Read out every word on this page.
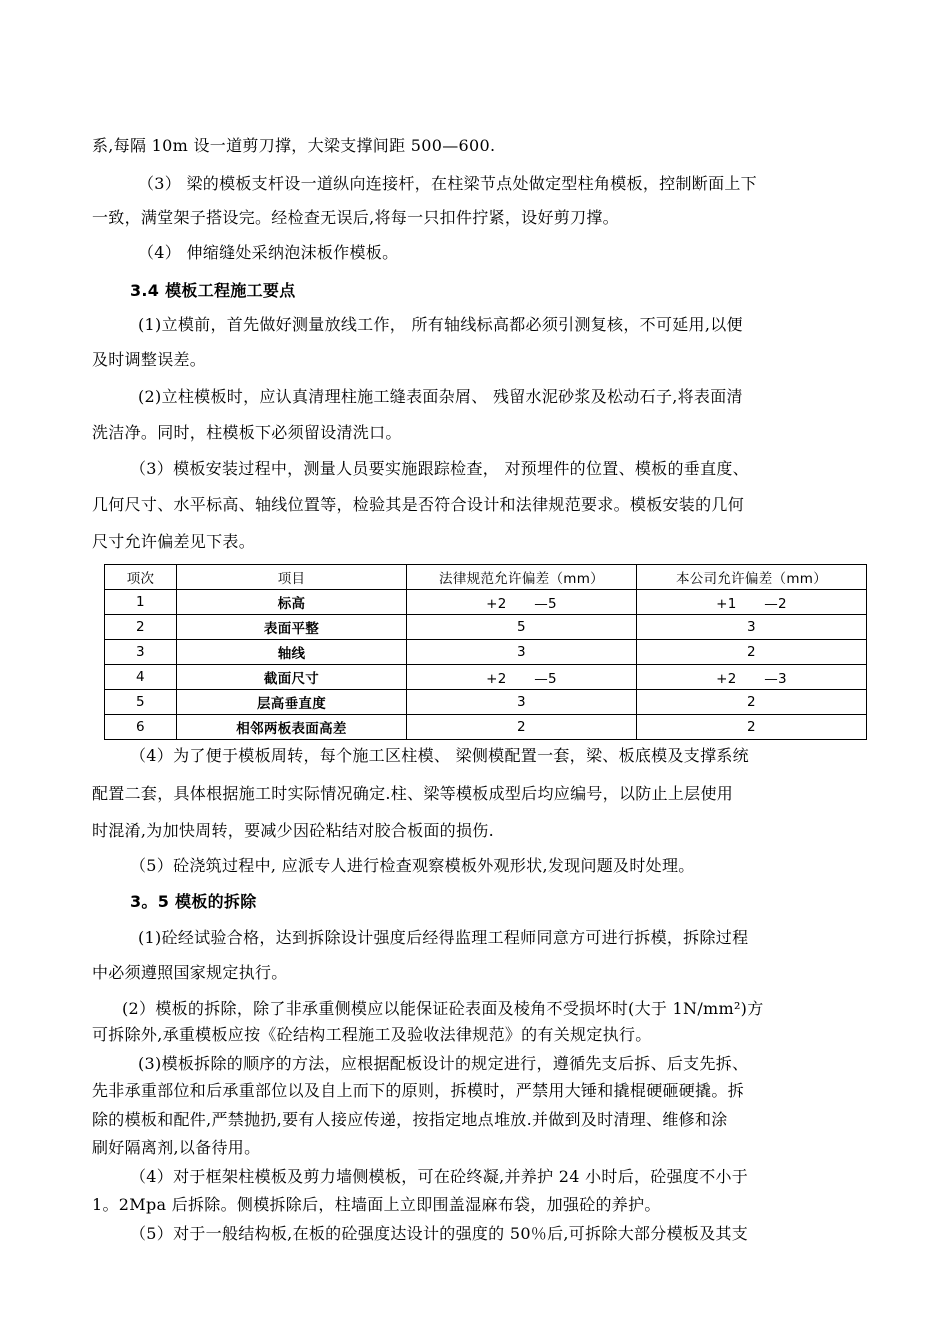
系,每隔 10m 设一道剪刀撑，大梁支撑间距 500—600.
（3） 梁的模板支杆设一道纵向连接杆，在柱梁节点处做定型柱角模板，控制断面上下
一致，满堂架子搭设完。经检查无误后,将每一只扣件拧紧，设好剪刀撑。
（4） 伸缩缝处采纳泡沫板作模板。
3.4 模板工程施工要点
(1)立模前，首先做好测量放线工作， 所有轴线标高都必须引测复核，不可延用,以便
及时调整误差。
(2)立柱模板时，应认真清理柱施工缝表面杂屑、 残留水泥砂浆及松动石子,将表面清
洗洁净。同时，柱模板下必须留设清洗口。
（3）模板安装过程中，测量人员要实施跟踪检查， 对预埋件的位置、模板的垂直度、
几何尺寸、水平标高、轴线位置等，检验其是否符合设计和法律规范要求。模板安装的几何
尺寸允许偏差见下表。
项次	项目	法律规范允许偏差（mm）	本公司允许偏差（mm）
1	标高	+2　　—5	+1　　—2
2	表面平整	5	3
3	轴线	3	2
4	截面尺寸	+2　　—5	+2　　—3
5	层高垂直度	3	2
6	相邻两板表面高差	2	2
（4）为了便于模板周转，每个施工区柱模、 梁侧模配置一套，梁、板底模及支撑系统
配置二套，具体根据施工时实际情况确定.柱、梁等模板成型后均应编号，以防止上层使用
时混淆,为加快周转，要减少因砼粘结对胶合板面的损伤.
（5）砼浇筑过程中, 应派专人进行检查观察模板外观形状,发现问题及时处理。
3。5 模板的拆除
(1)砼经试验合格，达到拆除设计强度后经得监理工程师同意方可进行拆模，拆除过程
中必须遵照国家规定执行。
(2）模板的拆除，除了非承重侧模应以能保证砼表面及棱角不受损坏时(大于 1N/mm²)方
可拆除外,承重模板应按《砼结构工程施工及验收法律规范》的有关规定执行。
(3)模板拆除的顺序的方法，应根据配板设计的规定进行，遵循先支后拆、后支先拆、
先非承重部位和后承重部位以及自上而下的原则，拆模时，严禁用大锤和撬棍硬砸硬撬。拆
除的模板和配件,严禁抛扔,要有人接应传递，按指定地点堆放.并做到及时清理、维修和涂
刷好隔离剂,以备待用。
（4）对于框架柱模板及剪力墙侧模板，可在砼终凝,并养护 24 小时后，砼强度不小于
1。2Mpa 后拆除。侧模拆除后，柱墙面上立即围盖湿麻布袋，加强砼的养护。
（5）对于一般结构板,在板的砼强度达设计的强度的 50％后,可拆除大部分模板及其支
